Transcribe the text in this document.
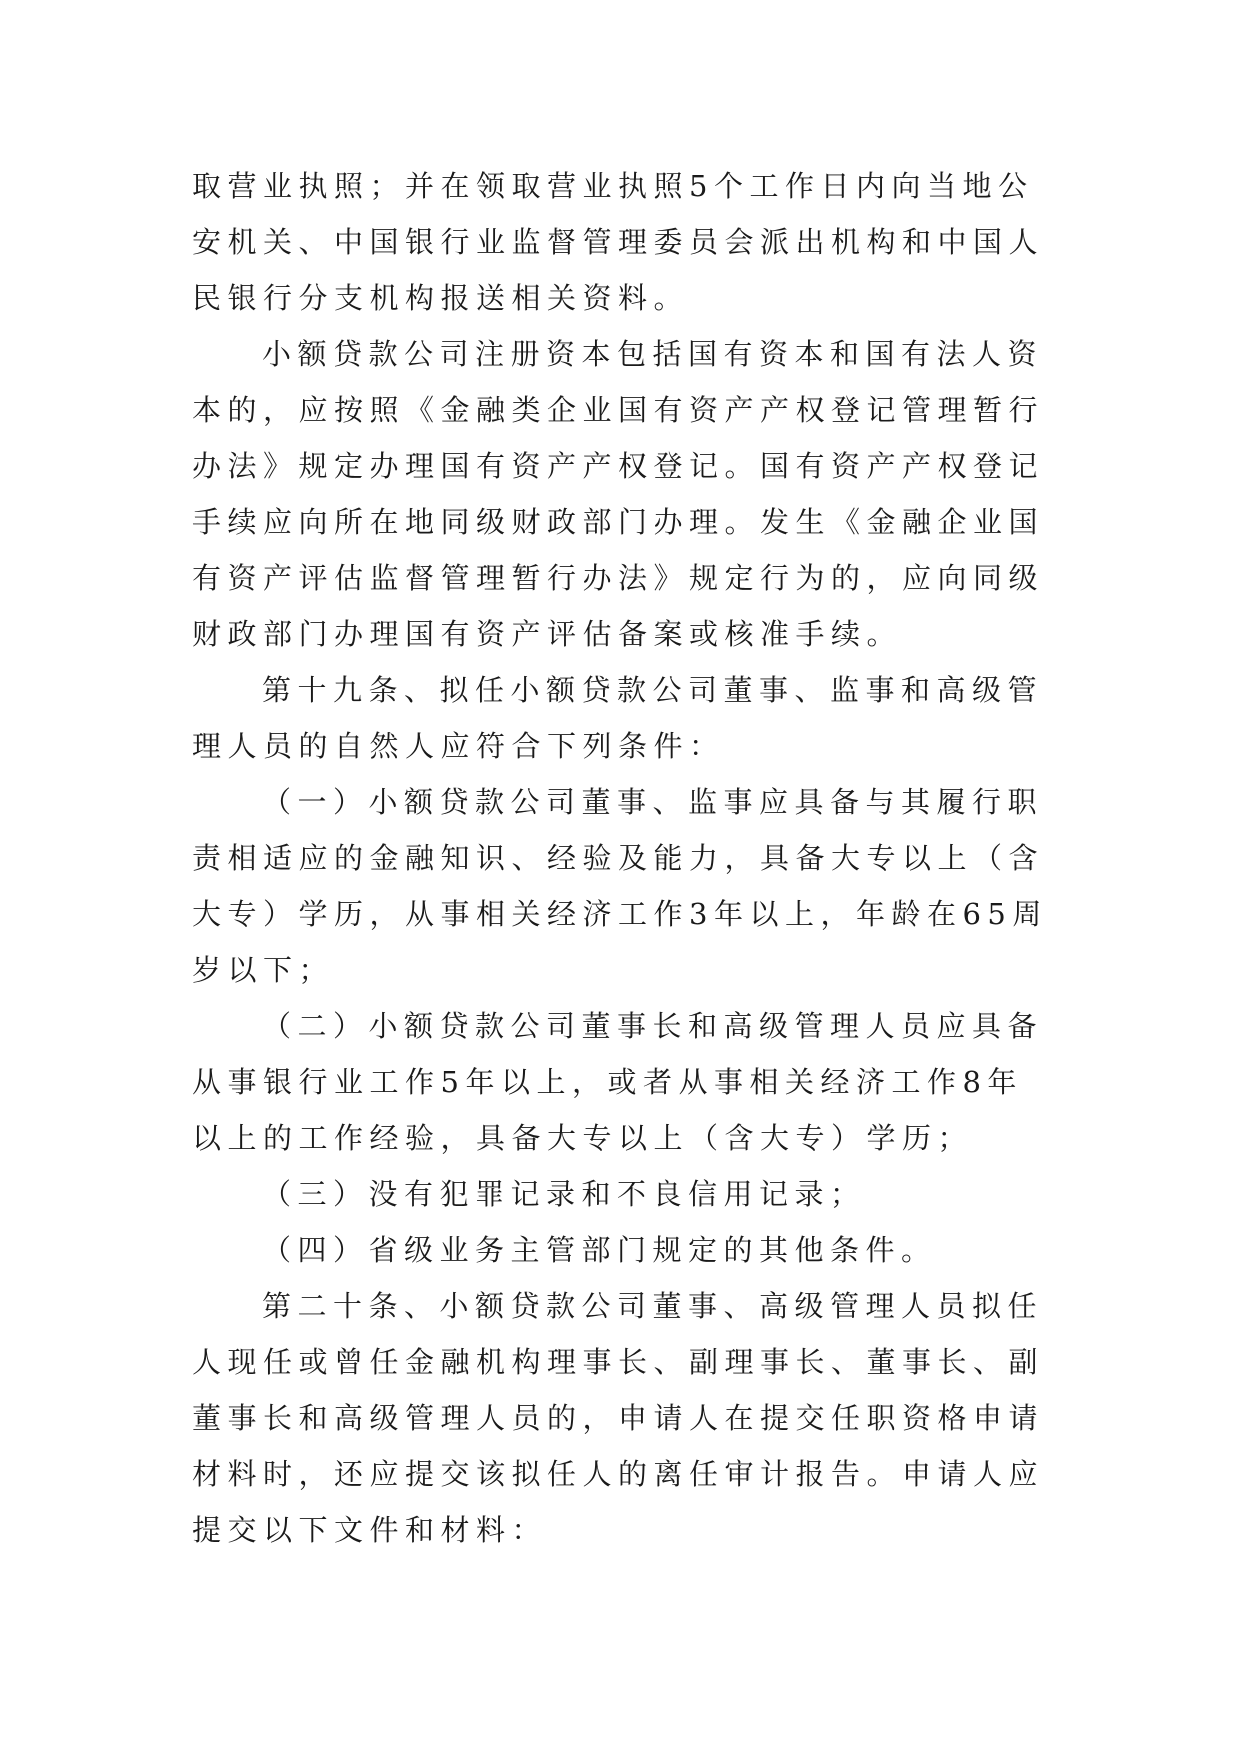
取营业执照；并在领取营业执照5个工作日内向当地公安机关、中国银行业监督管理委员会派出机构和中国人民银行分支机构报送相关资料。

小额贷款公司注册资本包括国有资本和国有法人资本的，应按照《金融类企业国有资产产权登记管理暂行办法》规定办理国有资产产权登记。国有资产产权登记手续应向所在地同级财政部门办理。发生《金融企业国有资产评估监督管理暂行办法》规定行为的，应向同级财政部门办理国有资产评估备案或核准手续。

第十九条、拟任小额贷款公司董事、监事和高级管理人员的自然人应符合下列条件：

（一）小额贷款公司董事、监事应具备与其履行职责相适应的金融知识、经验及能力，具备大专以上（含大专）学历，从事相关经济工作3年以上，年龄在65周岁以下；

（二）小额贷款公司董事长和高级管理人员应具备从事银行业工作5年以上，或者从事相关经济工作8年以上的工作经验，具备大专以上（含大专）学历；

（三）没有犯罪记录和不良信用记录；

（四）省级业务主管部门规定的其他条件。

第二十条、小额贷款公司董事、高级管理人员拟任人现任或曾任金融机构理事长、副理事长、董事长、副董事长和高级管理人员的，申请人在提交任职资格申请材料时，还应提交该拟任人的离任审计报告。申请人应提交以下文件和材料：
